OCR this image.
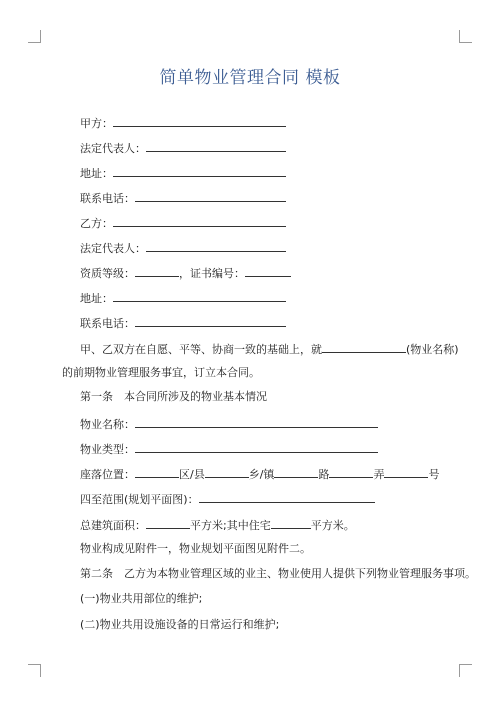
简单物业管理合同 模板
甲方：
法定代表人：
地址：
联系电话：
乙方：
法定代表人：
资质等级：	，证书编号：
地址：
联系电话：
甲、乙双方在自愿、平等、协商一致的基础上，就	(物业名称)
的前期物业管理服务事宜，订立本合同。
第一条　本合同所涉及的物业基本情况
物业名称：
物业类型：
座落位置：	区/县	乡/镇	路	弄	号
四至范围(规划平面图)：
总建筑面积：	平方米;其中住宅	平方米。
物业构成见附件一，物业规划平面图见附件二。
第二条　乙方为本物业管理区域的业主、物业使用人提供下列物业管理服务事项。
(一)物业共用部位的维护;
(二)物业共用设施设备的日常运行和维护;
